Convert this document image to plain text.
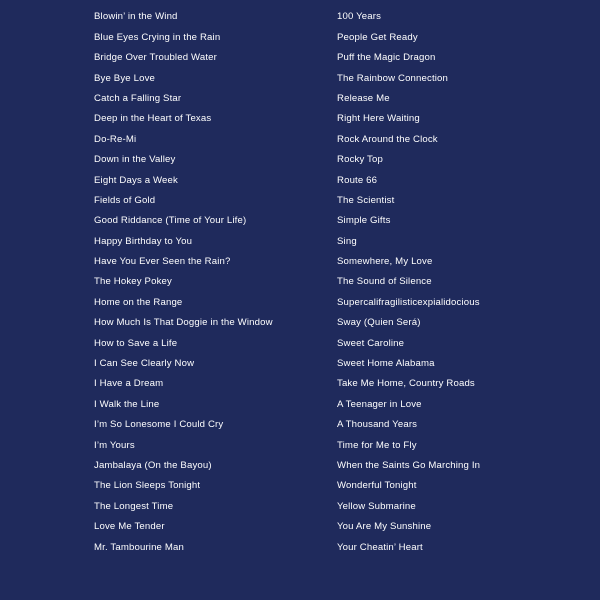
Blowin’ in the Wind
Blue Eyes Crying in the Rain
Bridge Over Troubled Water
Bye Bye Love
Catch a Falling Star
Deep in the Heart of Texas
Do-Re-Mi
Down in the Valley
Eight Days a Week
Fields of Gold
Good Riddance (Time of Your Life)
Happy Birthday to You
Have You Ever Seen the Rain?
The Hokey Pokey
Home on the Range
How Much Is That Doggie in the Window
How to Save a Life
I Can See Clearly Now
I Have a Dream
I Walk the Line
I’m So Lonesome I Could Cry
I’m Yours
Jambalaya (On the Bayou)
The Lion Sleeps Tonight
The Longest Time
Love Me Tender
Mr. Tambourine Man
100 Years
People Get Ready
Puff the Magic Dragon
The Rainbow Connection
Release Me
Right Here Waiting
Rock Around the Clock
Rocky Top
Route 66
The Scientist
Simple Gifts
Sing
Somewhere, My Love
The Sound of Silence
Supercalifragilisticexpialidocious
Sway (Quien Será)
Sweet Caroline
Sweet Home Alabama
Take Me Home, Country Roads
A Teenager in Love
A Thousand Years
Time for Me to Fly
When the Saints Go Marching In
Wonderful Tonight
Yellow Submarine
You Are My Sunshine
Your Cheatin’ Heart
